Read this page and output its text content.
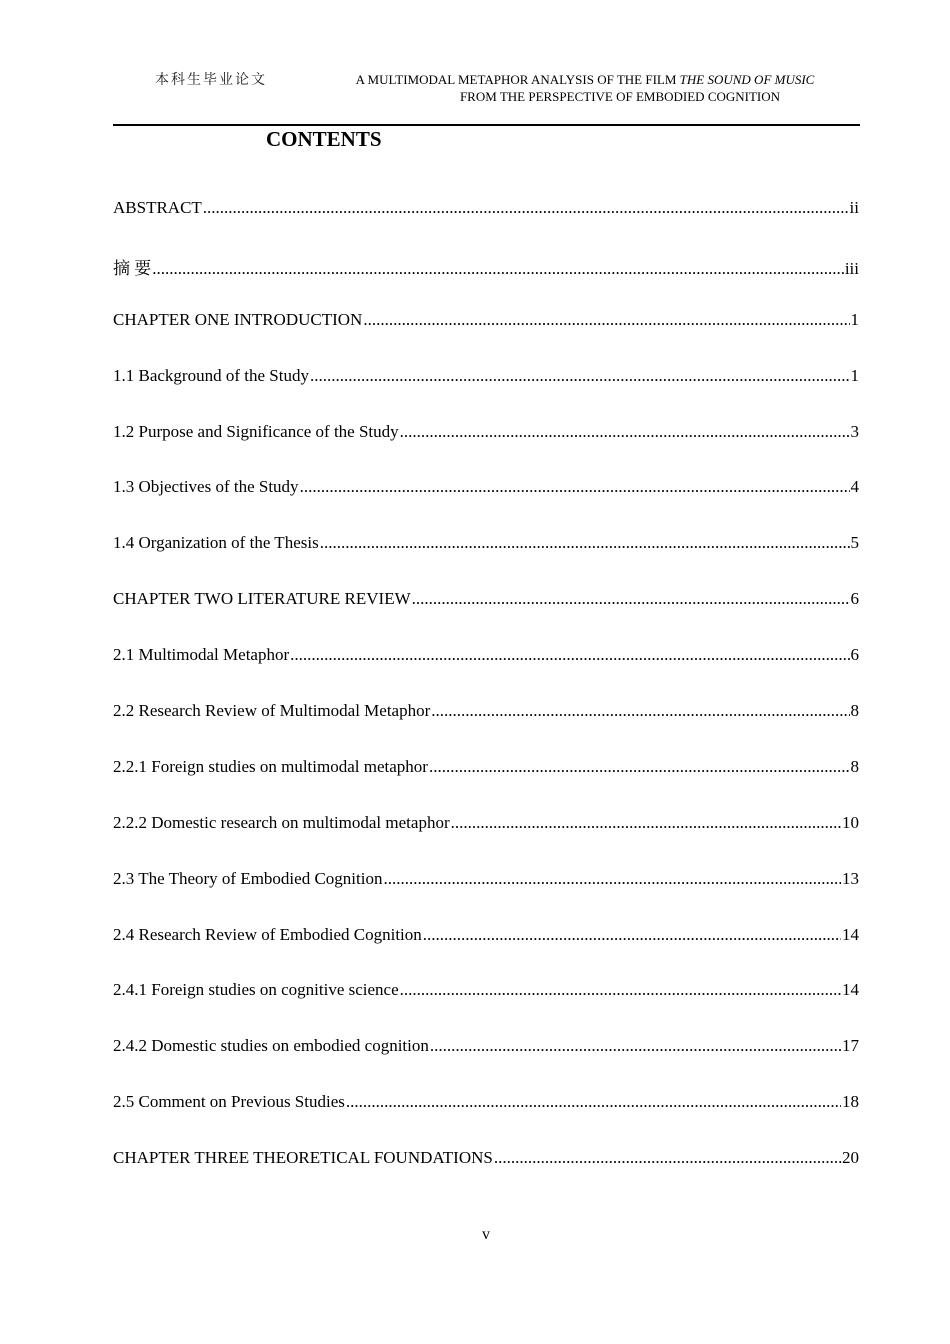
本科生毕业论文	A MULTIMODAL METAPHOR ANALYSIS OF THE FILM THE SOUND OF MUSIC
FROM THE PERSPECTIVE OF EMBODIED COGNITION
CONTENTS
ABSTRACT .....	ii
摘 要 .....	iii
CHAPTER ONE INTRODUCTION .....	1
1.1 Background of the Study .....	1
1.2 Purpose and Significance of the Study .....	3
1.3 Objectives of the Study .....	4
1.4 Organization of the Thesis .....	5
CHAPTER TWO LITERATURE REVIEW .....	6
2.1 Multimodal Metaphor .....	6
2.2 Research Review of Multimodal Metaphor .....	8
2.2.1 Foreign studies on multimodal metaphor .....	8
2.2.2 Domestic research on multimodal metaphor .....	10
2.3 The Theory of Embodied Cognition .....	13
2.4 Research Review of Embodied Cognition .....	14
2.4.1 Foreign studies on cognitive science .....	14
2.4.2 Domestic studies on embodied cognition .....	17
2.5 Comment on Previous Studies .....	18
CHAPTER THREE THEORETICAL FOUNDATIONS .....	20
v
